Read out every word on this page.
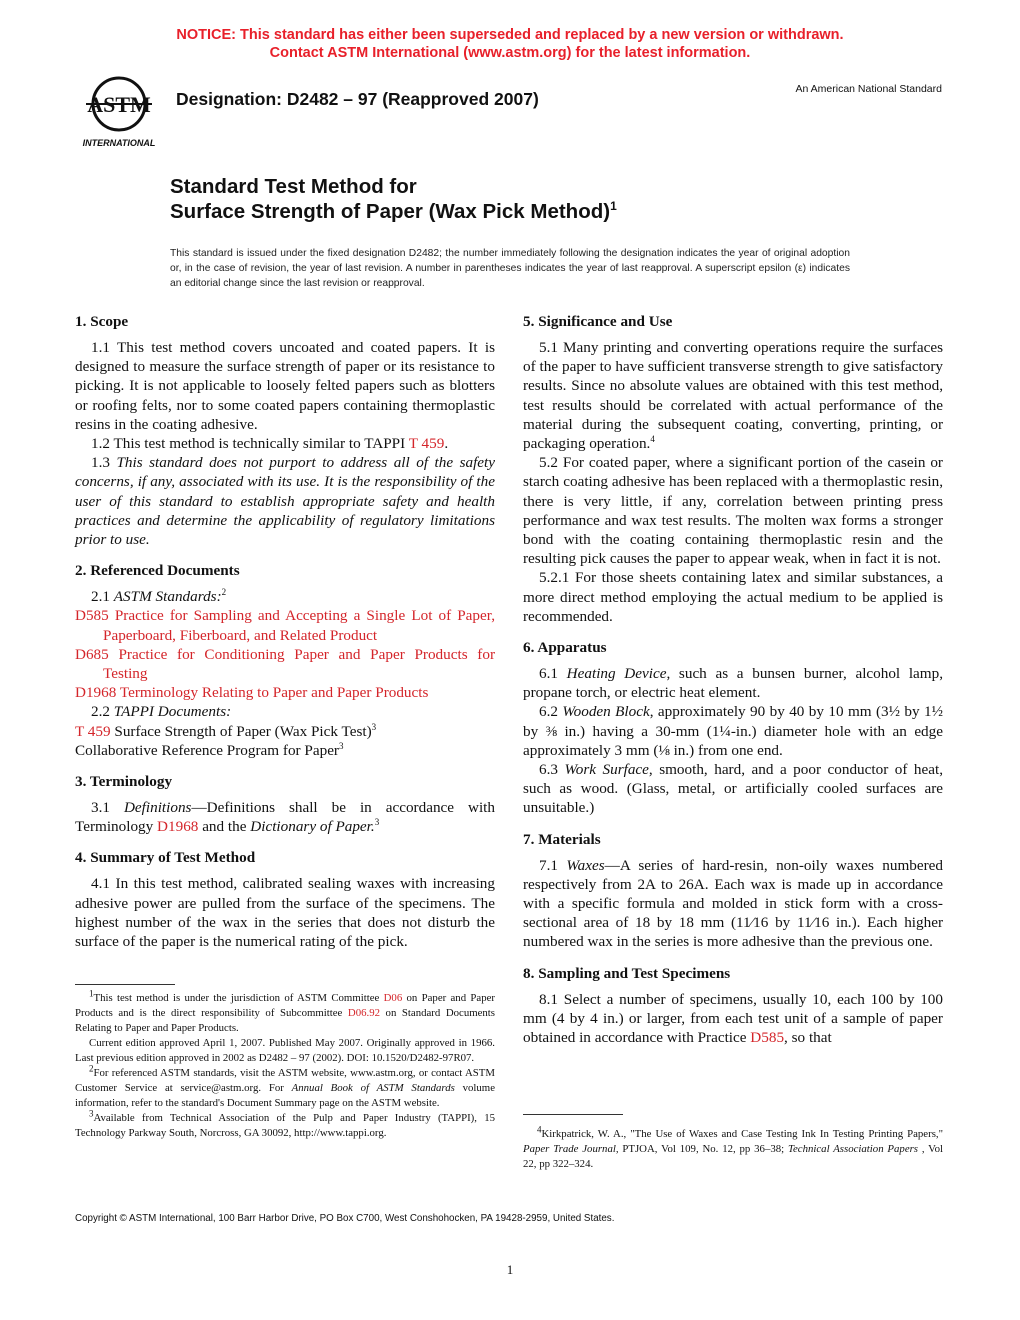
NOTICE: This standard has either been superseded and replaced by a new version or withdrawn.
Contact ASTM International (www.astm.org) for the latest information.
ASTM
INTERNATIONAL
Designation: D2482 – 97 (Reapproved 2007)	An American National Standard
Standard Test Method for
Surface Strength of Paper (Wax Pick Method)$^1$
This standard is issued under the fixed designation D2482; the number immediately following the designation indicates the year of original adoption or, in the case of revision, the year of last revision. A number in parentheses indicates the year of last reapproval. A superscript epsilon (ε) indicates an editorial change since the last revision or reapproval.
1. Scope

1.1 This test method covers uncoated and coated papers. It is designed to measure the surface strength of paper or its resistance to picking. It is not applicable to loosely felted papers such as blotters or roofing felts, nor to some coated papers containing thermoplastic resins in the coating adhesive.

1.2 This test method is technically similar to TAPPI T 459.

1.3 This standard does not purport to address all of the safety concerns, if any, associated with its use. It is the responsibility of the user of this standard to establish appropriate safety and health practices and determine the applicability of regulatory limitations prior to use.

2. Referenced Documents

2.1 ASTM Standards:$^2$

D585 Practice for Sampling and Accepting a Single Lot of Paper, Paperboard, Fiberboard, and Related Product

D685 Practice for Conditioning Paper and Paper Products for Testing

D1968 Terminology Relating to Paper and Paper Products

2.2 TAPPI Documents:

T 459 Surface Strength of Paper (Wax Pick Test)$^3$

Collaborative Reference Program for Paper$^3$

3. Terminology

3.1 Definitions—Definitions shall be in accordance with Terminology D1968 and the Dictionary of Paper.$^3$

4. Summary of Test Method

4.1 In this test method, calibrated sealing waxes with increasing adhesive power are pulled from the surface of the specimens. The highest number of the wax in the series that does not disturb the surface of the paper is the numerical rating of the pick.

5. Significance and Use

5.1 Many printing and converting operations require the surfaces of the paper to have sufficient transverse strength to give satisfactory results. Since no absolute values are obtained with this test method, test results should be correlated with actual performance of the material during the subsequent coating, converting, printing, or packaging operation.$^4$

5.2 For coated paper, where a significant portion of the casein or starch coating adhesive has been replaced with a thermoplastic resin, there is very little, if any, correlation between printing press performance and wax test results. The molten wax forms a stronger bond with the coating containing thermoplastic resin and the resulting pick causes the paper to appear weak, when in fact it is not.

5.2.1 For those sheets containing latex and similar substances, a more direct method employing the actual medium to be applied is recommended.

6. Apparatus

6.1 Heating Device, such as a bunsen burner, alcohol lamp, propane torch, or electric heat element.

6.2 Wooden Block, approximately 90 by 40 by 10 mm (3½ by 1½ by ⅜ in.) having a 30-mm (1¼-in.) diameter hole with an edge approximately 3 mm (⅛ in.) from one end.

6.3 Work Surface, smooth, hard, and a poor conductor of heat, such as wood. (Glass, metal, or artificially cooled surfaces are unsuitable.)

7. Materials

7.1 Waxes—A series of hard-resin, non-oily waxes numbered respectively from 2A to 26A. Each wax is made up in accordance with a specific formula and molded in stick form with a cross-sectional area of 18 by 18 mm (11⁄16 by 11⁄16 in.). Each higher numbered wax in the series is more adhesive than the previous one.

8. Sampling and Test Specimens

8.1 Select a number of specimens, usually 10, each 100 by 100 mm (4 by 4 in.) or larger, from each test unit of a sample of paper obtained in accordance with Practice D585, so that

$^1$This test method is under the jurisdiction of ASTM Committee D06 on Paper and Paper Products and is the direct responsibility of Subcommittee D06.92 on Standard Documents Relating to Paper and Paper Products.

Current edition approved April 1, 2007. Published May 2007. Originally approved in 1966. Last previous edition approved in 2002 as D2482 – 97 (2002). DOI: 10.1520/D2482-97R07.

$^2$For referenced ASTM standards, visit the ASTM website, www.astm.org, or contact ASTM Customer Service at service@astm.org. For Annual Book of ASTM Standards volume information, refer to the standard's Document Summary page on the ASTM website.

$^3$Available from Technical Association of the Pulp and Paper Industry (TAPPI), 15 Technology Parkway South, Norcross, GA 30092, http://www.tappi.org.	$^4$Kirkpatrick, W. A., "The Use of Waxes and Case Testing Ink In Testing Printing Papers," Paper Trade Journal, PTJOA, Vol 109, No. 12, pp 36–38; Technical Association Papers , Vol 22, pp 322–324.

Copyright © ASTM International, 100 Barr Harbor Drive, PO Box C700, West Conshohocken, PA 19428-2959, United States.
1
